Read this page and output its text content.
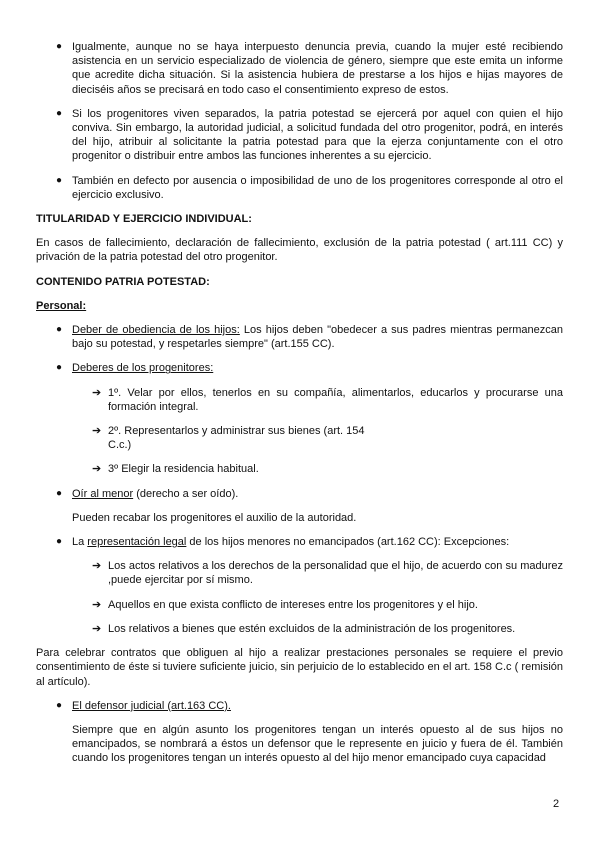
● Igualmente, aunque no se haya interpuesto denuncia previa, cuando la mujer esté recibiendo asistencia en un servicio especializado de violencia de género, siempre que este emita un informe que acredite dicha situación. Si la asistencia hubiera de prestarse a los hijos e hijas mayores de dieciséis años se precisará en todo caso el consentimiento expreso de estos.
● Si los progenitores viven separados, la patria potestad se ejercerá por aquel con quien el hijo conviva. Sin embargo, la autoridad judicial, a solicitud fundada del otro progenitor, podrá, en interés del hijo, atribuir al solicitante la patria potestad para que la ejerza conjuntamente con el otro progenitor o distribuir entre ambos las funciones inherentes a su ejercicio.
● También en defecto por ausencia o imposibilidad de uno de los progenitores corresponde al otro el ejercicio exclusivo.

TITULARIDAD Y EJERCICIO INDIVIDUAL:

En casos de fallecimiento, declaración de fallecimiento, exclusión de la patria potestad ( art.111 CC) y privación de la patria potestad del otro progenitor.

CONTENIDO PATRIA POTESTAD:

Personal:

● Deber de obediencia de los hijos: Los hijos deben "obedecer a sus padres mientras permanezcan bajo su potestad, y respetarles siempre" (art.155 CC).
● Deberes de los progenitores:
➔ 1º. Velar por ellos, tenerlos en su compañía, alimentarlos, educarlos y procurarse una formación integral.
➔ 2º. Representarlos y administrar sus bienes (art. 154
C.c.)
➔ 3º Elegir la residencia habitual.
● Oír al menor (derecho a ser oído).

Pueden recabar los progenitores el auxilio de la autoridad.

● La representación legal de los hijos menores no emancipados (art.162 CC): Excepciones:
➔ Los actos relativos a los derechos de la personalidad que el hijo, de acuerdo con su madurez ,puede ejercitar por sí mismo.
➔ Aquellos en que exista conflicto de intereses entre los progenitores y el hijo.
➔ Los relativos a bienes que estén excluidos de la administración de los progenitores.

Para celebrar contratos que obliguen al hijo a realizar prestaciones personales se requiere el previo consentimiento de éste si tuviere suficiente juicio, sin perjuicio de lo establecido en el art. 158 C.c ( remisión al artículo).

● El defensor judicial (art.163 CC).

Siempre que en algún asunto los progenitores tengan un interés opuesto al de sus hijos no emancipados, se nombrará a éstos un defensor que le represente en juicio y fuera de él. También cuando los progenitores tengan un interés opuesto al del hijo menor emancipado cuya capacidad

2
